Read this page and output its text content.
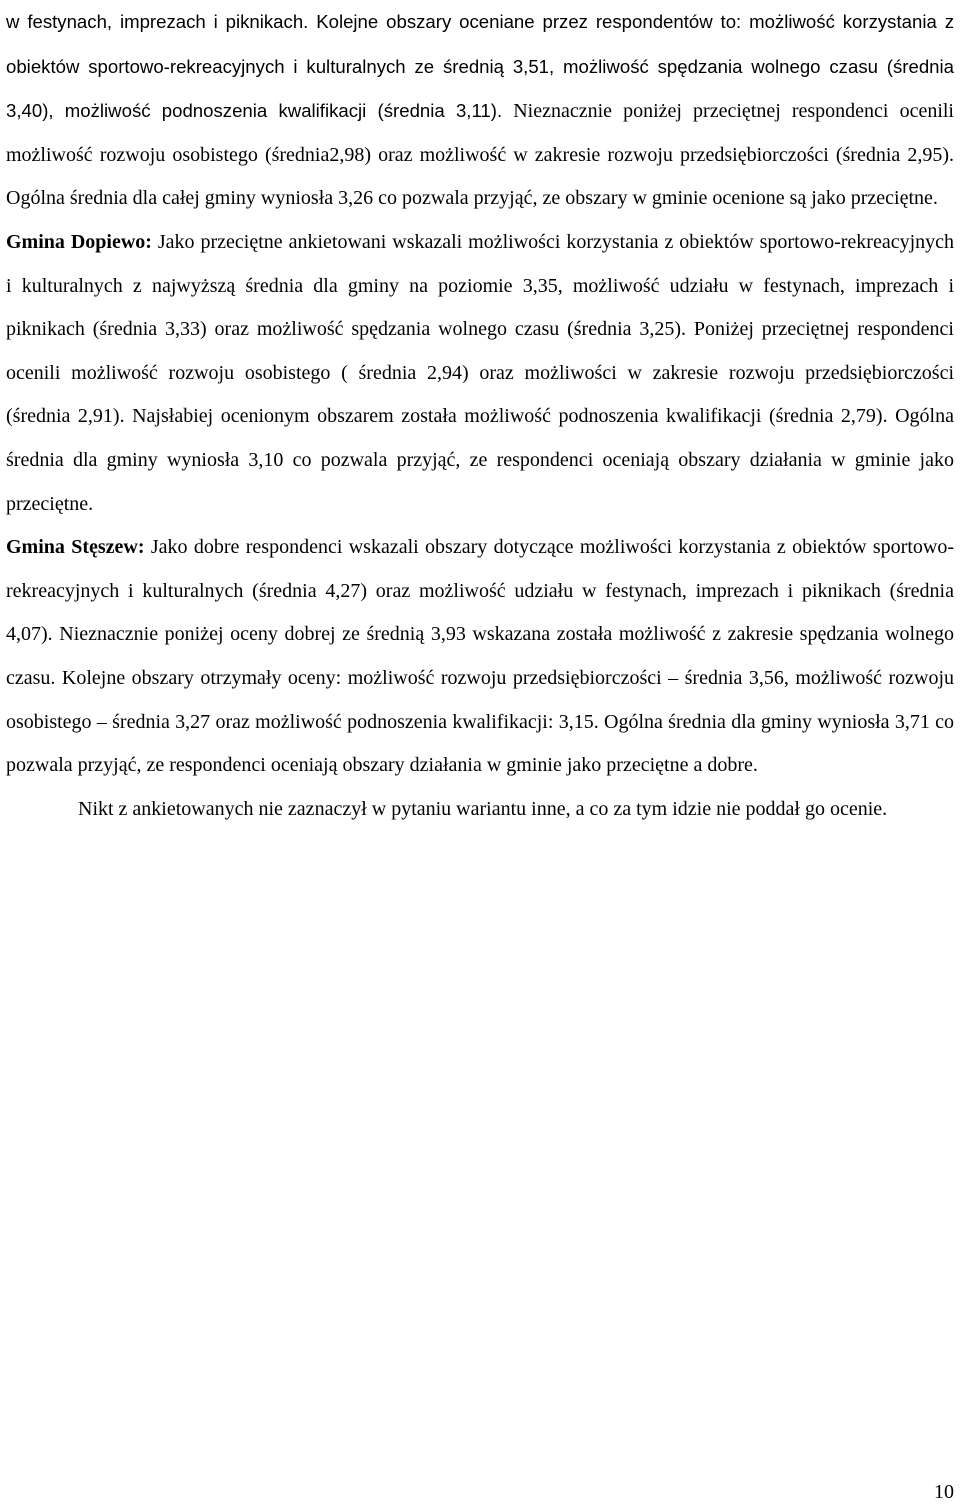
w festynach, imprezach i piknikach. Kolejne obszary oceniane przez respondentów to: możliwość korzystania z obiektów sportowo-rekreacyjnych i kulturalnych ze średnią 3,51, możliwość spędzania wolnego czasu (średnia 3,40), możliwość podnoszenia kwalifikacji (średnia 3,11). Nieznacznie poniżej przeciętnej respondenci ocenili możliwość rozwoju osobistego (średnia2,98) oraz możliwość w zakresie rozwoju przedsiębiorczości (średnia 2,95). Ogólna średnia dla całej gminy wyniosła 3,26 co pozwala przyjąć, ze obszary w gminie ocenione są jako przeciętne.

Gmina Dopiewo: Jako przeciętne ankietowani wskazali możliwości korzystania z obiektów sportowo-rekreacyjnych i kulturalnych z najwyższą średnia dla gminy na poziomie 3,35, możliwość udziału w festynach, imprezach i piknikach (średnia 3,33) oraz możliwość spędzania wolnego czasu (średnia 3,25). Poniżej przeciętnej respondenci ocenili możliwość rozwoju osobistego ( średnia 2,94) oraz możliwości w zakresie rozwoju przedsiębiorczości (średnia 2,91). Najsłabiej ocenionym obszarem została możliwość podnoszenia kwalifikacji (średnia 2,79). Ogólna średnia dla gminy wyniosła 3,10 co pozwala przyjąć, ze respondenci oceniają obszary działania w gminie jako przeciętne.

Gmina Stęszew: Jako dobre respondenci wskazali obszary dotyczące możliwości korzystania z obiektów sportowo-rekreacyjnych i kulturalnych (średnia 4,27) oraz możliwość udziału w festynach, imprezach i piknikach (średnia 4,07). Nieznacznie poniżej oceny dobrej ze średnią 3,93 wskazana została możliwość z zakresie spędzania wolnego czasu. Kolejne obszary otrzymały oceny: możliwość rozwoju przedsiębiorczości – średnia 3,56, możliwość rozwoju osobistego – średnia 3,27 oraz możliwość podnoszenia kwalifikacji: 3,15. Ogólna średnia dla gminy wyniosła 3,71 co pozwala przyjąć, ze respondenci oceniają obszary działania w gminie jako przeciętne a dobre.

Nikt z ankietowanych nie zaznaczył w pytaniu wariantu inne, a co za tym idzie nie poddał go ocenie.

10
